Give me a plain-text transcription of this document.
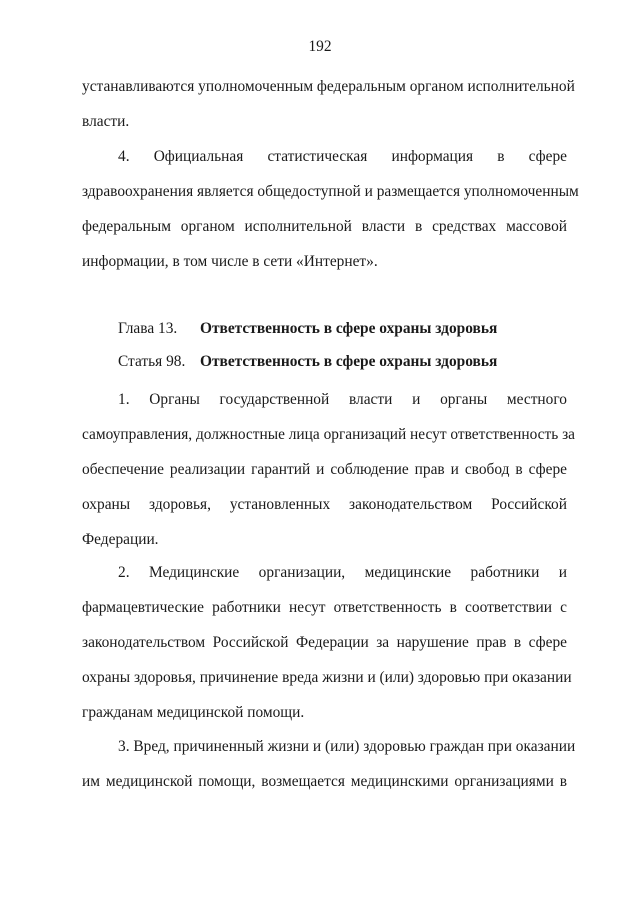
192
устанавливаются уполномоченным федеральным органом исполнительной
власти.
4. Официальная статистическая информация в сфере
здравоохранения является общедоступной и размещается уполномоченным
федеральным органом исполнительной власти в средствах массовой
информации, в том числе в сети «Интернет».
Глава 13. Ответственность в сфере охраны здоровья
Статья 98. Ответственность в сфере охраны здоровья
1. Органы государственной власти и органы местного
самоуправления, должностные лица организаций несут ответственность за
обеспечение реализации гарантий и соблюдение прав и свобод в сфере
охраны здоровья, установленных законодательством Российской
Федерации.
2. Медицинские организации, медицинские работники и
фармацевтические работники несут ответственность в соответствии с
законодательством Российской Федерации за нарушение прав в сфере
охраны здоровья, причинение вреда жизни и (или) здоровью при оказании
гражданам медицинской помощи.
3. Вред, причиненный жизни и (или) здоровью граждан при оказании
им медицинской помощи, возмещается медицинскими организациями в
